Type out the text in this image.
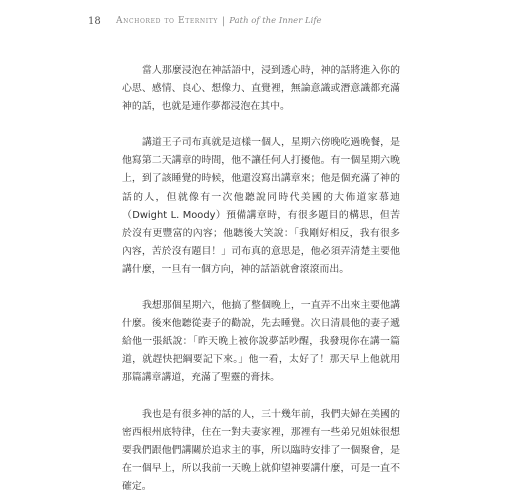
18	Anchored to Eternity | Path of the Inner Life

當人那麼浸泡在神話語中，浸到透心時，神的話將進入你的心思、感情、良心、想像力、直覺裡，無論意識或潛意識都充滿神的話，也就是連作夢都浸泡在其中。

講道王子司布真就是這樣一個人，星期六傍晚吃過晚餐，是他寫第二天講章的時間，他不讓任何人打擾他。有一個星期六晚上，到了該睡覺的時候，他還沒寫出講章來；他是個充滿了神的話的人，但就像有一次他聽說同時代美國的大佈道家慕迪（Dwight L. Moody）預備講章時，有很多題目的構思，但苦於沒有更豐富的內容；他聽後大笑說：「我剛好相反，我有很多內容，苦於沒有題目！」司布真的意思是，他必須弄清楚主要他講什麼，一旦有一個方向，神的話語就會滾滾而出。

我想那個星期六，他搞了整個晚上，一直弄不出來主要他講什麼。後來他聽從妻子的勸說，先去睡覺。次日清晨他的妻子遞給他一張紙說：「昨天晚上被你說夢話吵醒，我發現你在講一篇道，就趕快把綱要記下來。」他一看，太好了！那天早上他就用那篇講章講道，充滿了聖靈的膏抹。

我也是有很多神的話的人，三十幾年前，我們夫婦在美國的密西根州底特律，住在一對夫妻家裡，那裡有一些弟兄姐妹很想要我們跟他們講關於追求主的事，所以臨時安排了一個聚會，是在一個早上，所以我前一天晚上就仰望神要講什麼，可是一直不確定。
